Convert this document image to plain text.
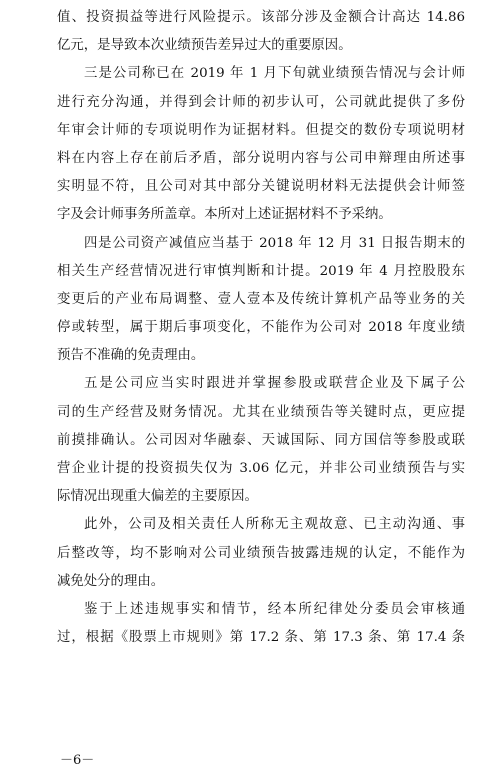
值、投资损益等进行风险提示。该部分涉及金额合计高达 14.86
亿元，是导致本次业绩预告差异过大的重要原因。
三是公司称已在 2019 年 1 月下旬就业绩预告情况与会计师
进行充分沟通，并得到会计师的初步认可，公司就此提供了多份
年审会计师的专项说明作为证据材料。但提交的数份专项说明材
料在内容上存在前后矛盾，部分说明内容与公司申辩理由所述事
实明显不符，且公司对其中部分关键说明材料无法提供会计师签
字及会计师事务所盖章。本所对上述证据材料不予采纳。
四是公司资产减值应当基于 2018 年 12 月 31 日报告期末的
相关生产经营情况进行审慎判断和计提。2019 年 4 月控股股东
变更后的产业布局调整、壹人壹本及传统计算机产品等业务的关
停或转型，属于期后事项变化，不能作为公司对 2018 年度业绩
预告不准确的免责理由。
五是公司应当实时跟进并掌握参股或联营企业及下属子公
司的生产经营及财务情况。尤其在业绩预告等关键时点，更应提
前摸排确认。公司因对华融泰、天诚国际、同方国信等参股或联
营企业计提的投资损失仅为 3.06 亿元，并非公司业绩预告与实
际情况出现重大偏差的主要原因。
此外，公司及相关责任人所称无主观故意、已主动沟通、事
后整改等，均不影响对公司业绩预告披露违规的认定，不能作为
减免处分的理由。
鉴于上述违规事实和情节，经本所纪律处分委员会审核通
过，根据《股票上市规则》第 17.2 条、第 17.3 条、第 17.4 条
－6－
